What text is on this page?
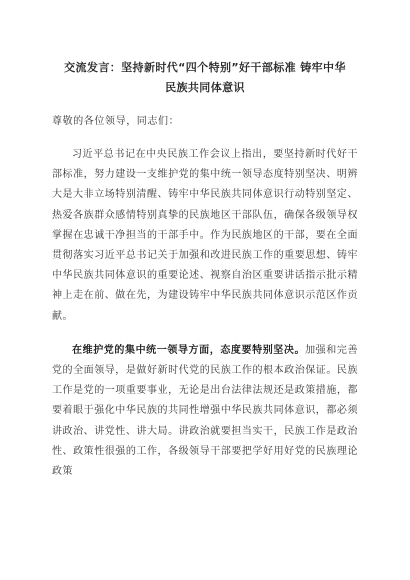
交流发言：坚持新时代“四个特别”好干部标准 铸牢中华
民族共同体意识

尊敬的各位领导，同志们：

习近平总书记在中央民族工作会议上指出，要坚持新时代好干部标准，努力建设一支维护党的集中统一领导态度特别坚决、明辨大是大非立场特别清醒、铸牢中华民族共同体意识行动特别坚定、热爱各族群众感情特别真挚的民族地区干部队伍，确保各级领导权掌握在忠诚干净担当的干部手中。作为民族地区的干部，要在全面贯彻落实习近平总书记关于加强和改进民族工作的重要思想、铸牢中华民族共同体意识的重要论述、视察自治区重要讲话指示批示精神上走在前、做在先，为建设铸牢中华民族共同体意识示范区作贡献。

在维护党的集中统一领导方面，态度要特别坚决。加强和完善党的全面领导，是做好新时代党的民族工作的根本政治保证。民族工作是党的一项重要事业，无论是出台法律法规还是政策措施，都要着眼于强化中华民族的共同性增强中华民族共同体意识，都必须讲政治、讲党性、讲大局。讲政治就要担当实干，民族工作是政治性、政策性很强的工作，各级领导干部要把学好用好党的民族理论政策
